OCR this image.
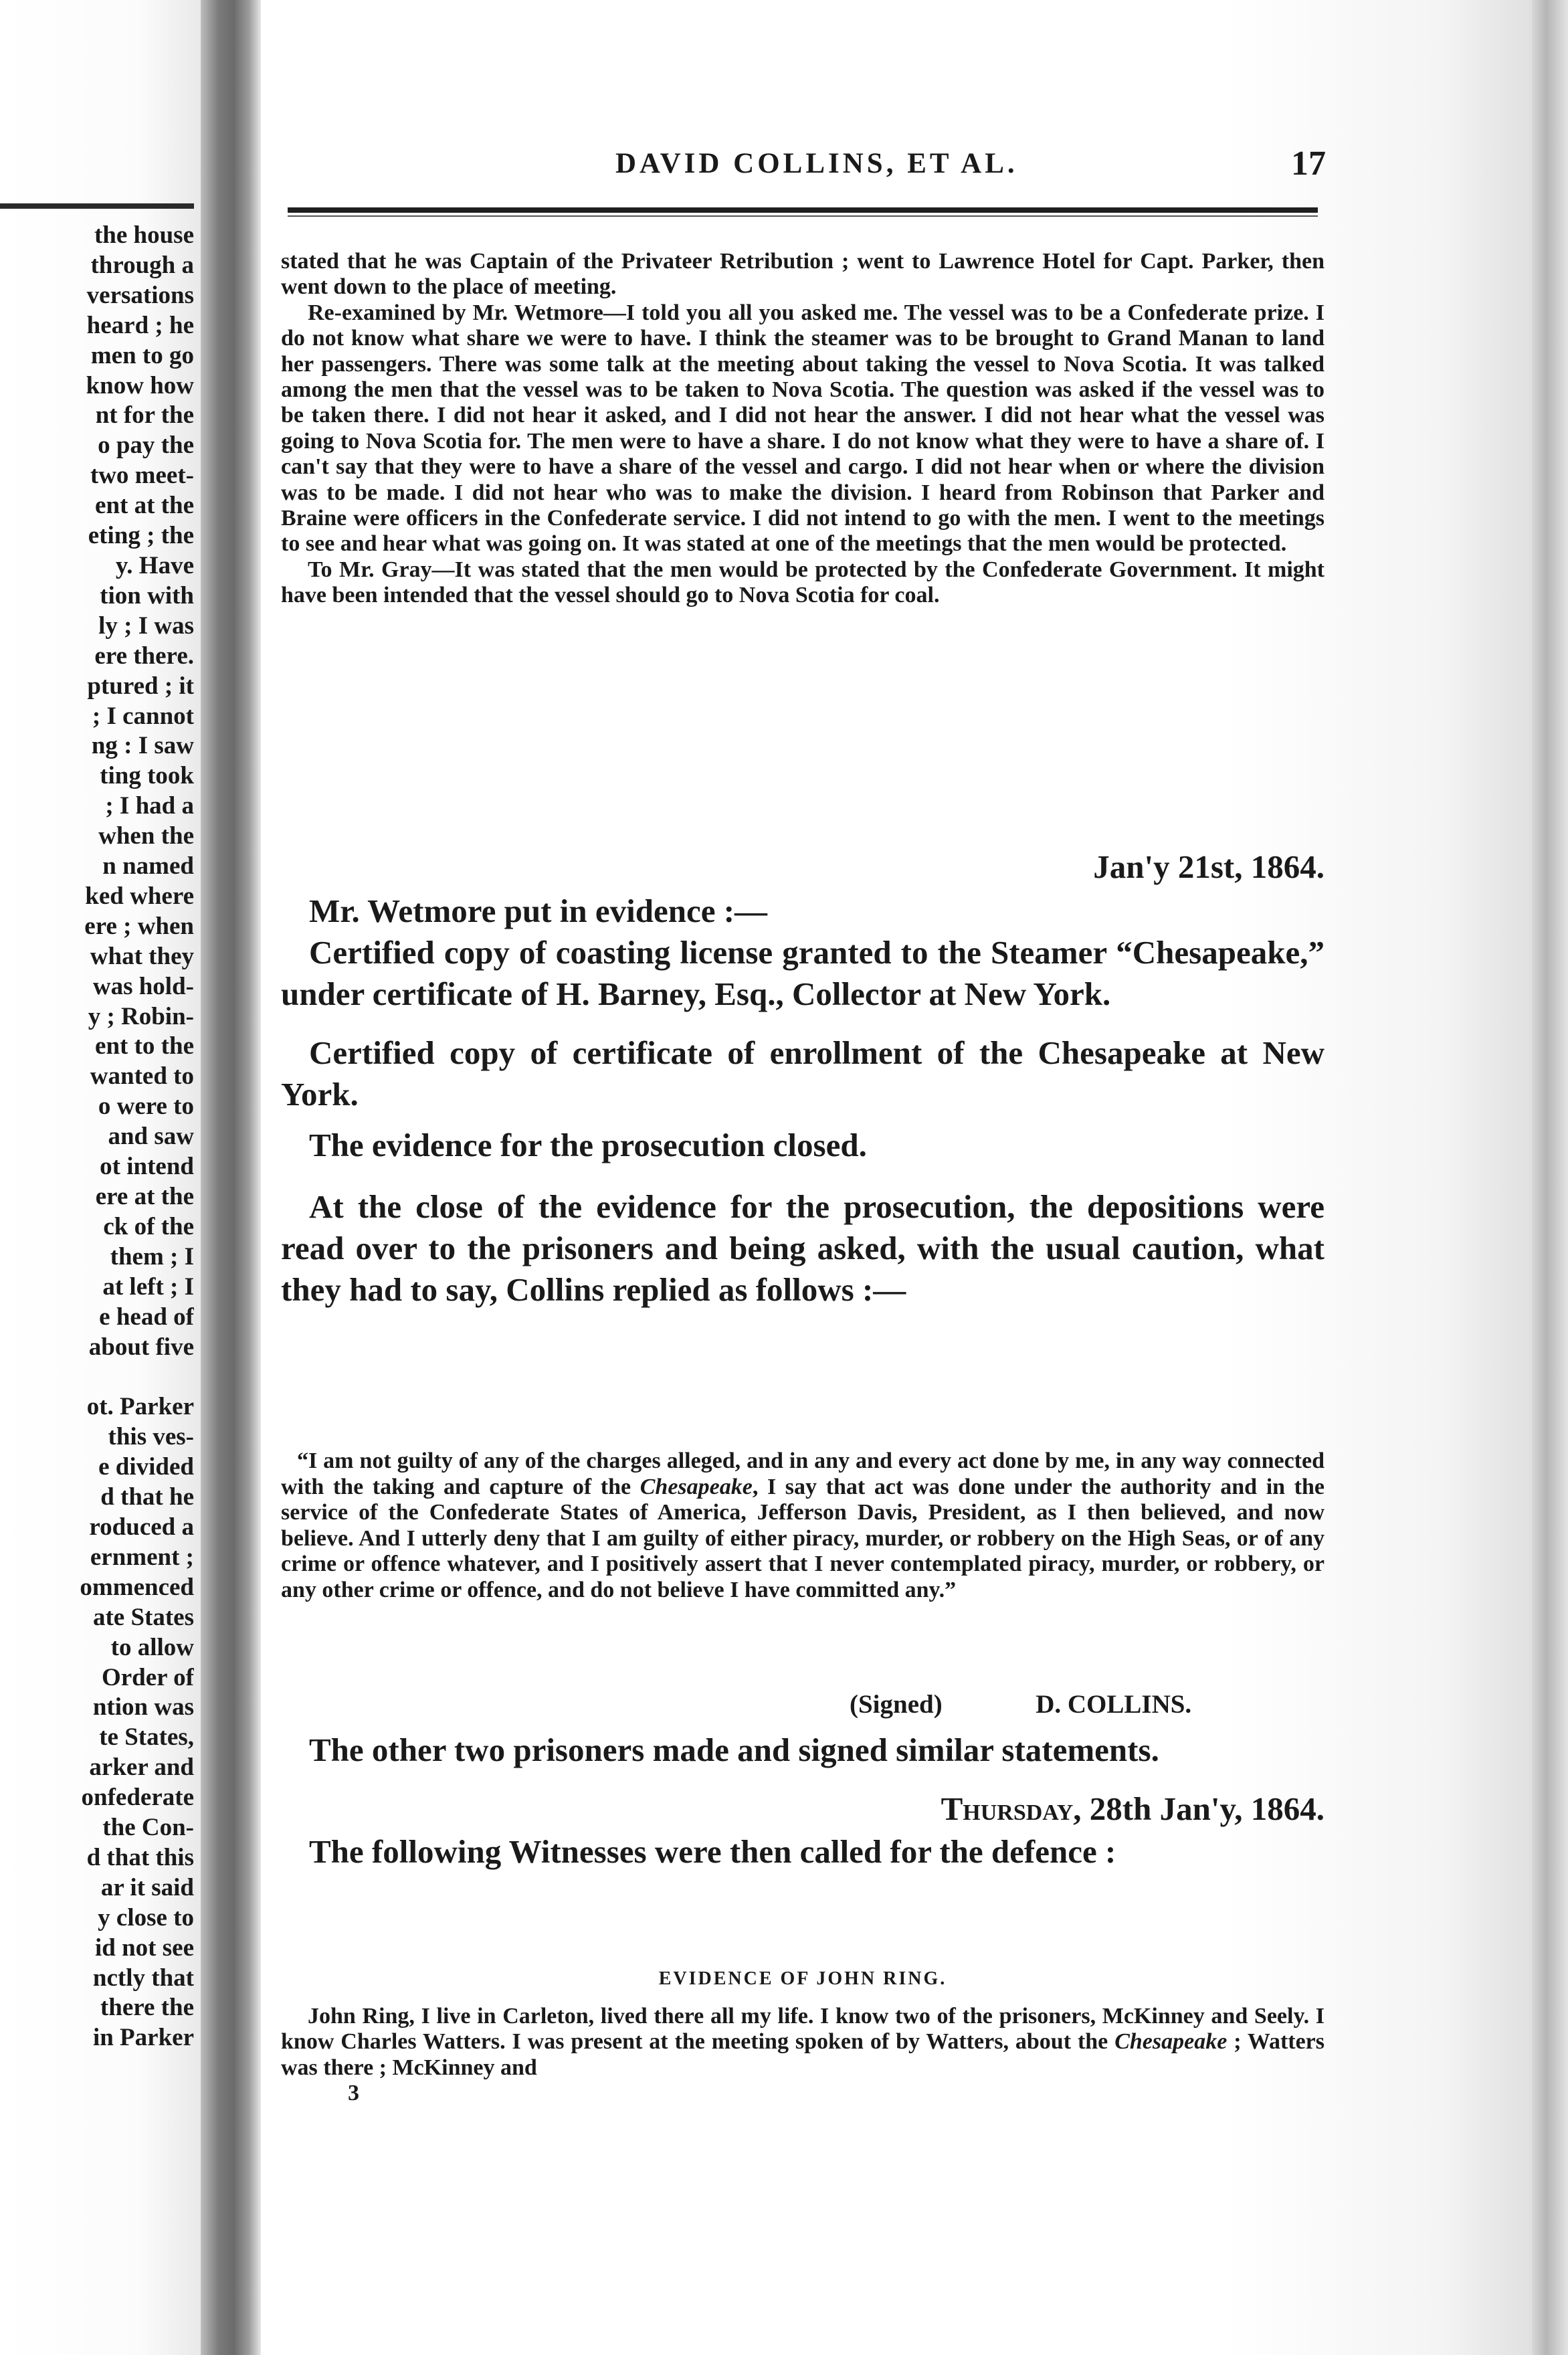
the house
through a
versations
heard ; he
men to go
know how
nt for the
o pay the
two meet-
ent at the
eting ; the
y. Have
tion with
ly ; I was
ere there.
ptured ; it
; I cannot
ng : I saw
ting took
; I had a
when the
n named
ked where
ere ; when
what they
was hold-
y ; Robin-
ent to the
wanted to
o were to
and saw
ot intend
ere at the
ck of the
them ; I
at left ; I
e head of
about five

ot. Parker
this ves-
e divided
d that he
roduced a
ernment ;
ommenced
ate States
to allow
Order of
ntion was
te States,
arker and
onfederate
the Con-
d that this
ar it said
y close to
id not see
nctly that
there the
in Parker
DAVID COLLINS, ET AL.	17

stated that he was Captain of the Privateer Retribution ; went to Lawrence Hotel for Capt. Parker, then went down to the place of meeting.

Re-examined by Mr. Wetmore—I told you all you asked me. The vessel was to be a Confederate prize. I do not know what share we were to have. I think the steamer was to be brought to Grand Manan to land her passengers. There was some talk at the meeting about taking the vessel to Nova Scotia. It was talked among the men that the vessel was to be taken to Nova Scotia. The question was asked if the vessel was to be taken there. I did not hear it asked, and I did not hear the answer. I did not hear what the vessel was going to Nova Scotia for. The men were to have a share. I do not know what they were to have a share of. I can't say that they were to have a share of the vessel and cargo. I did not hear when or where the division was to be made. I did not hear who was to make the division. I heard from Robinson that Parker and Braine were officers in the Confederate service. I did not intend to go with the men. I went to the meetings to see and hear what was going on. It was stated at one of the meetings that the men would be protected.

To Mr. Gray—It was stated that the men would be protected by the Confederate Government. It might have been intended that the vessel should go to Nova Scotia for coal.

Jan'y 21st, 1864.

Mr. Wetmore put in evidence :—

Certified copy of coasting license granted to the Steamer “Chesapeake,” under certificate of H. Barney, Esq., Collector at New York.

Certified copy of certificate of enrollment of the Chesapeake at New York.

The evidence for the prosecution closed.

At the close of the evidence for the prosecution, the depositions were read over to the prisoners and being asked, with the usual caution, what they had to say, Collins replied as follows :—

“I am not guilty of any of the charges alleged, and in any and every act done by me, in any way connected with the taking and capture of the Chesapeake, I say that act was done under the authority and in the service of the Confederate States of America, Jefferson Davis, President, as I then believed, and now believe. And I utterly deny that I am guilty of either piracy, murder, or robbery on the High Seas, or of any crime or offence whatever, and I positively assert that I never contemplated piracy, murder, or robbery, or any other crime or offence, and do not believe I have committed any.”

(Signed)	D. COLLINS.

The other two prisoners made and signed similar statements.

Thursday, 28th Jan'y, 1864.

The following Witnesses were then called for the defence :

EVIDENCE OF JOHN RING.

John Ring, I live in Carleton, lived there all my life. I know two of the prisoners, McKinney and Seely. I know Charles Watters. I was present at the meeting spoken of by Watters, about the Chesapeake ; Watters was there ; McKinney and

3
